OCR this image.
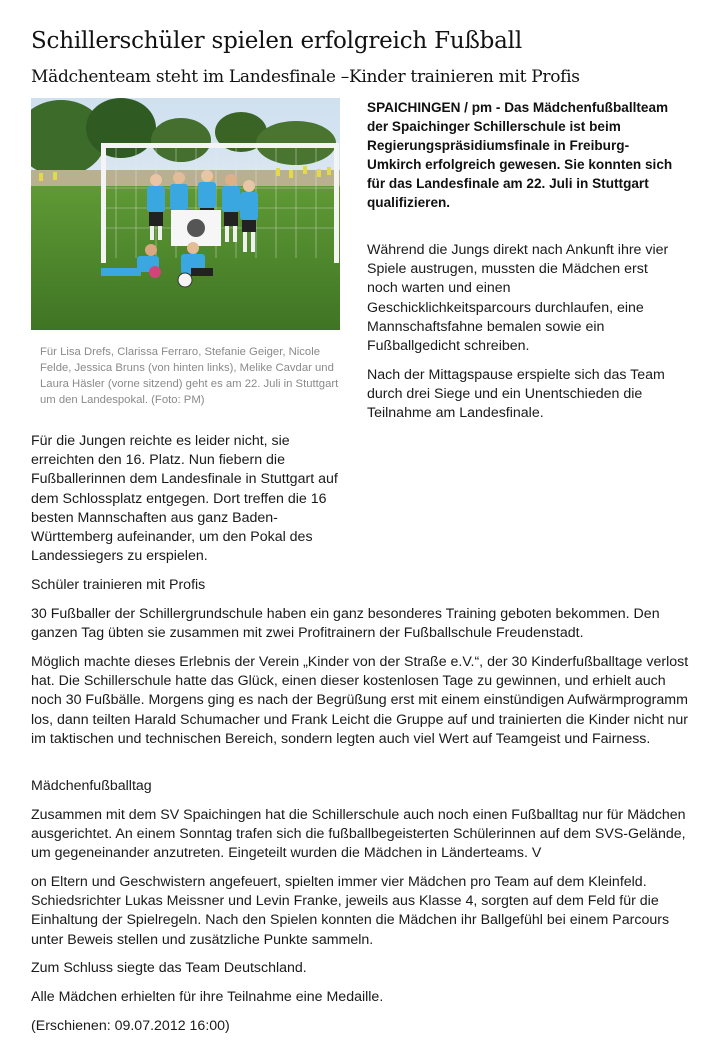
Schillerschüler spielen erfolgreich Fußball
Mädchenteam steht im Landesfinale –Kinder trainieren mit Profis

Für Lisa Drefs, Clarissa Ferraro, Stefanie Geiger, Nicole Felde, Jessica Bruns (von hinten links), Melike Cavdar und Laura Häsler (vorne sitzend) geht es am 22. Juli in Stuttgart um den Landespokal. (Foto: PM)

SPAICHINGEN / pm - Das Mädchenfußballteam der Spaichinger Schillerschule ist beim Regierungspräsidiumsfinale in Freiburg-Umkirch erfolgreich gewesen. Sie konnten sich für das Landesfinale am 22. Juli in Stuttgart qualifizieren.

Während die Jungs direkt nach Ankunft ihre vier Spiele austrugen, mussten die Mädchen erst noch warten und einen Geschicklichkeitsparcours durchlaufen, eine Mannschaftsfahne bemalen sowie ein Fußballgedicht schreiben.

Nach der Mittagspause erspielte sich das Team durch drei Siege und ein Unentschieden die Teilnahme am Landesfinale.

Für die Jungen reichte es leider nicht, sie erreichten den 16. Platz. Nun fiebern die Fußballerinnen dem Landesfinale in Stuttgart auf dem Schlossplatz entgegen. Dort treffen die 16 besten Mannschaften aus ganz Baden-Württemberg aufeinander, um den Pokal des Landessiegers zu erspielen.

Schüler trainieren mit Profis

30 Fußballer der Schillergrundschule haben ein ganz besonderes Training geboten bekommen. Den ganzen Tag übten sie zusammen mit zwei Profitrainern der Fußballschule Freudenstadt.

Möglich machte dieses Erlebnis der Verein „Kinder von der Straße e.V.“, der 30 Kinderfußballtage verlost hat. Die Schillerschule hatte das Glück, einen dieser kostenlosen Tage zu gewinnen, und erhielt auch noch 30 Fußbälle. Morgens ging es nach der Begrüßung erst mit einem einstündigen Aufwärmprogramm los, dann teilten Harald Schumacher und Frank Leicht die Gruppe auf und trainierten die Kinder nicht nur im taktischen und technischen Bereich, sondern legten auch viel Wert auf Teamgeist und Fairness.

Mädchenfußballtag

Zusammen mit dem SV Spaichingen hat die Schillerschule auch noch einen Fußballtag nur für Mädchen ausgerichtet. An einem Sonntag trafen sich die fußballbegeisterten Schülerinnen auf dem SVS-Gelände, um gegeneinander anzutreten. Eingeteilt wurden die Mädchen in Länderteams. V

on Eltern und Geschwistern angefeuert, spielten immer vier Mädchen pro Team auf dem Kleinfeld. Schiedsrichter Lukas Meissner und Levin Franke, jeweils aus Klasse 4, sorgten auf dem Feld für die Einhaltung der Spielregeln. Nach den Spielen konnten die Mädchen ihr Ballgefühl bei einem Parcours unter Beweis stellen und zusätzliche Punkte sammeln.

Zum Schluss siegte das Team Deutschland.

Alle Mädchen erhielten für ihre Teilnahme eine Medaille.

(Erschienen: 09.07.2012 16:00)
